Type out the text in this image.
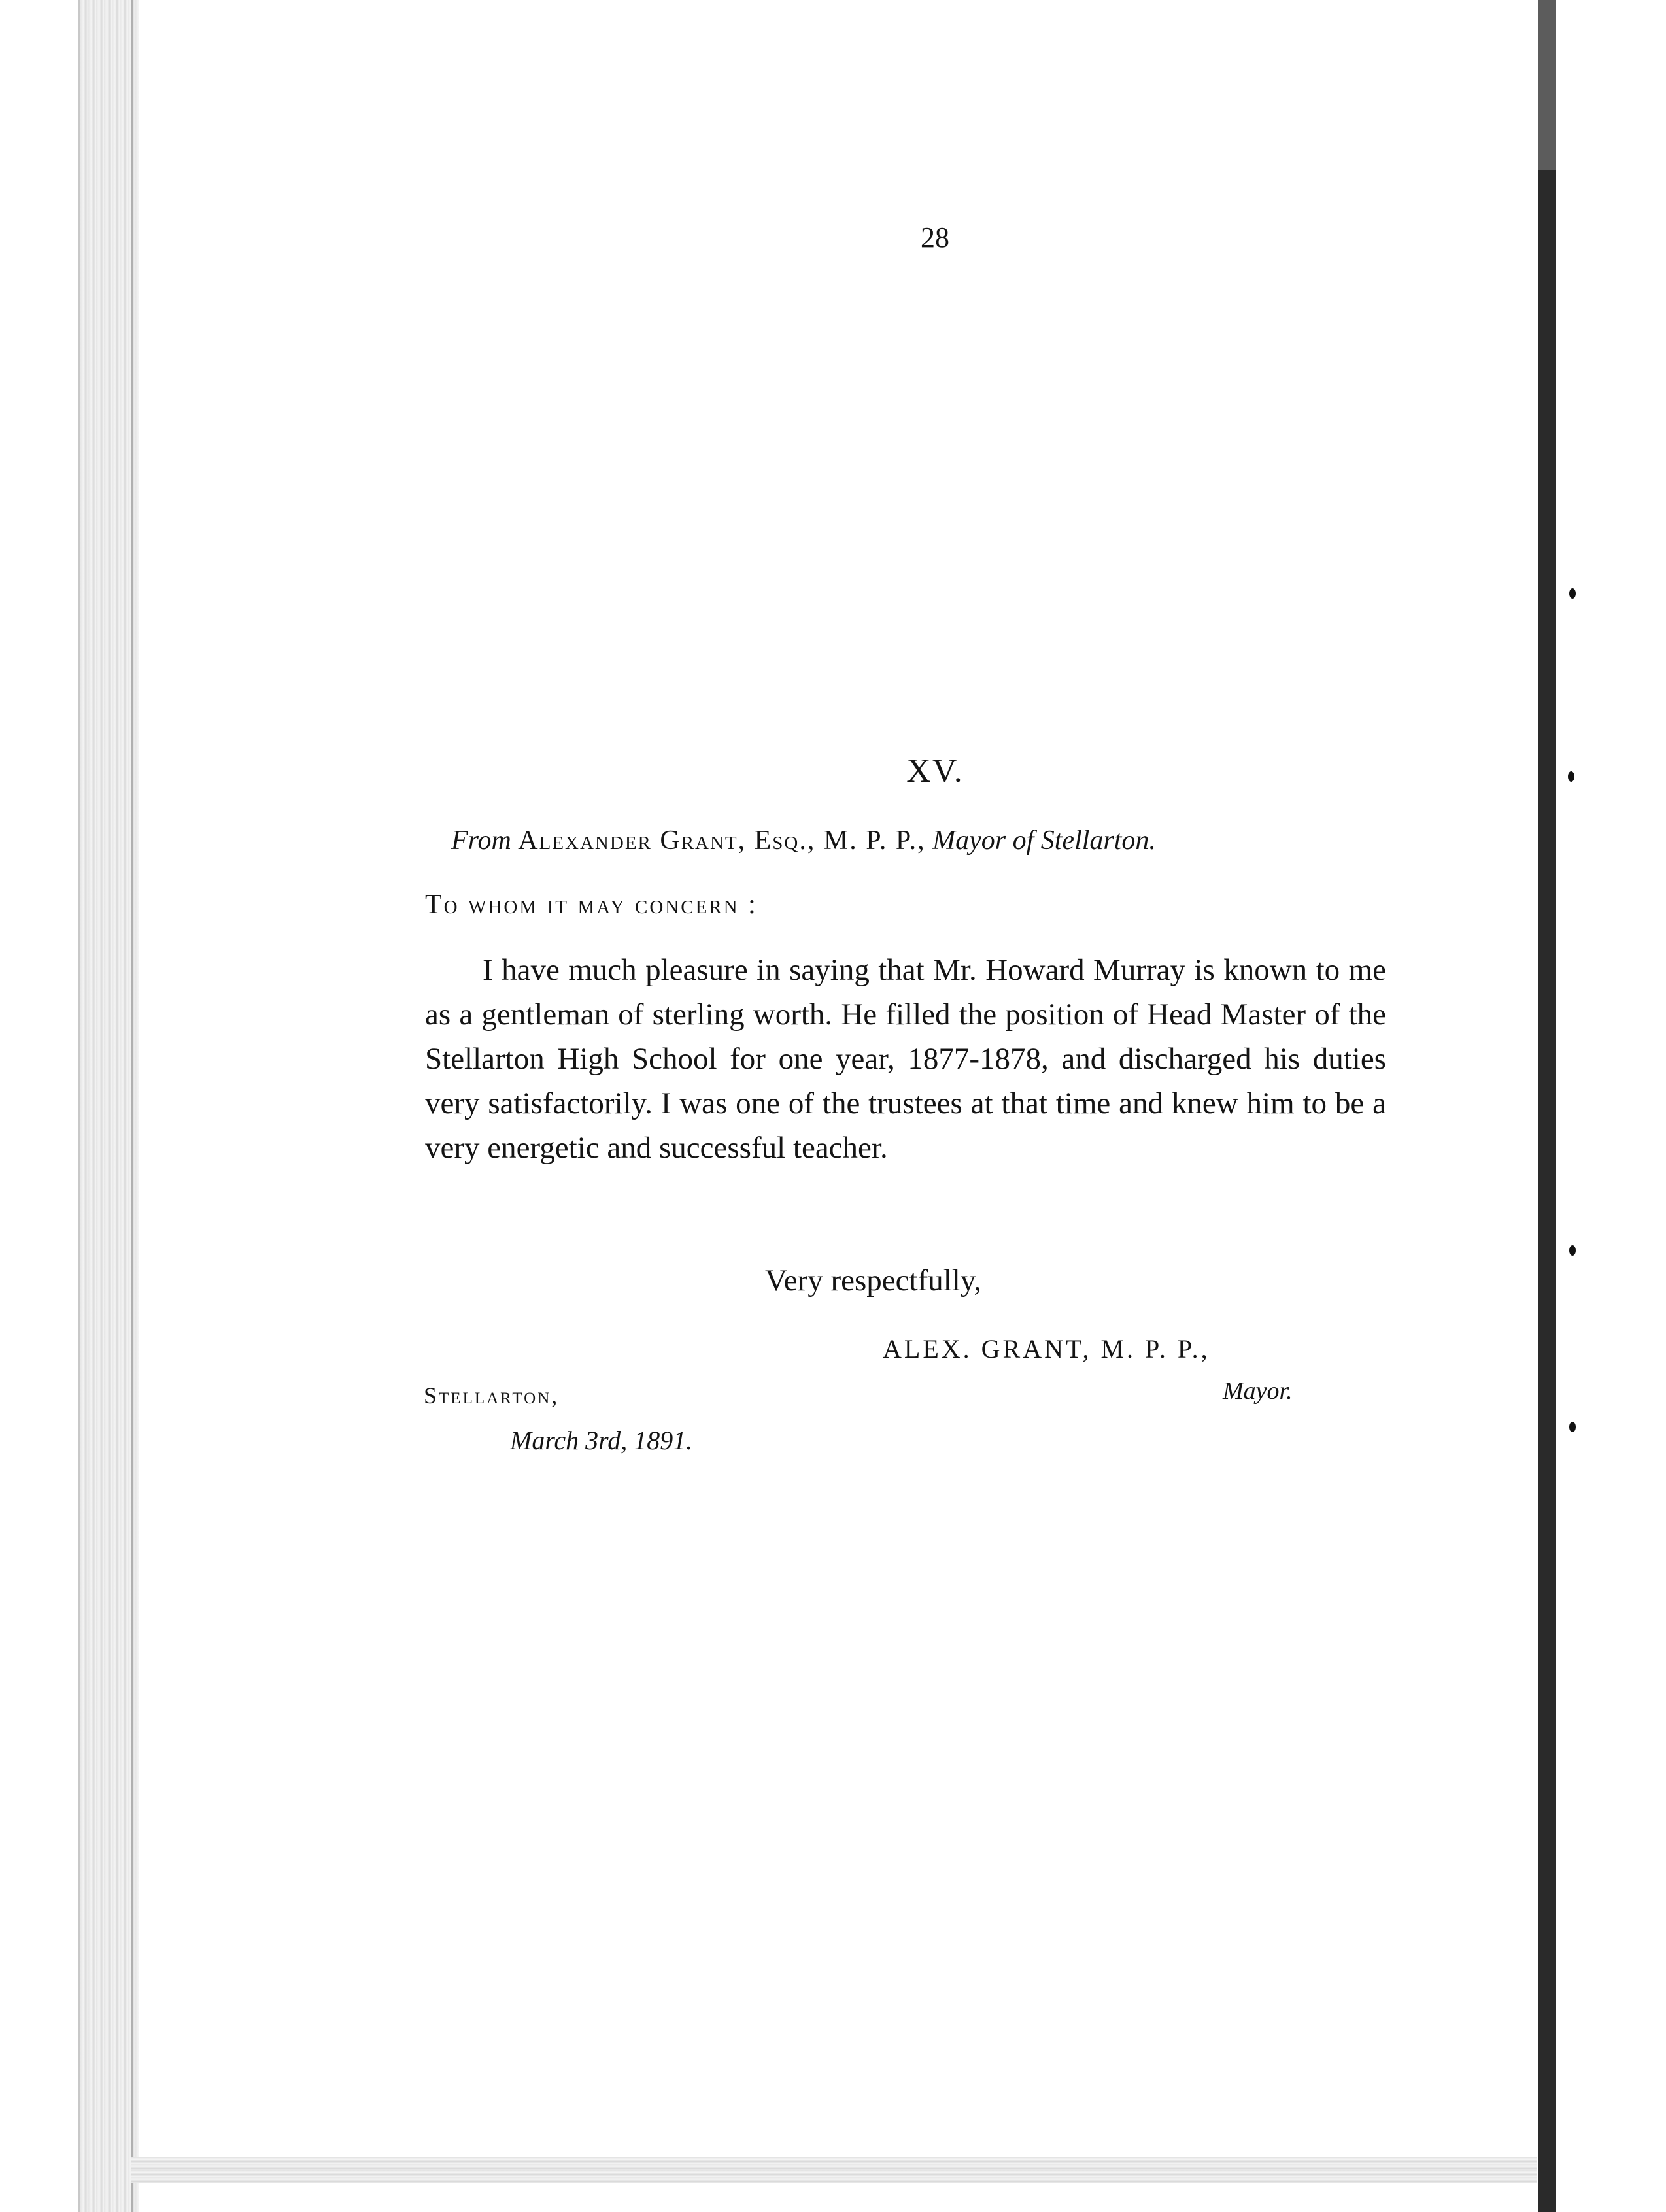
28
XV.
From Alexander Grant, Esq., M. P. P., Mayor of Stellarton.
To whom it may concern :

I have much pleasure in saying that Mr. Howard Murray is known to me as a gentleman of sterling worth. He filled the position of Head Master of the Stellarton High School for one year, 1877-1878, and discharged his duties very satisfactorily. I was one of the trustees at that time and knew him to be a very energetic and successful teacher.

Very respectfully,
ALEX. GRANT, M. P. P.,
Mayor.
Stellarton,
March 3rd, 1891.
